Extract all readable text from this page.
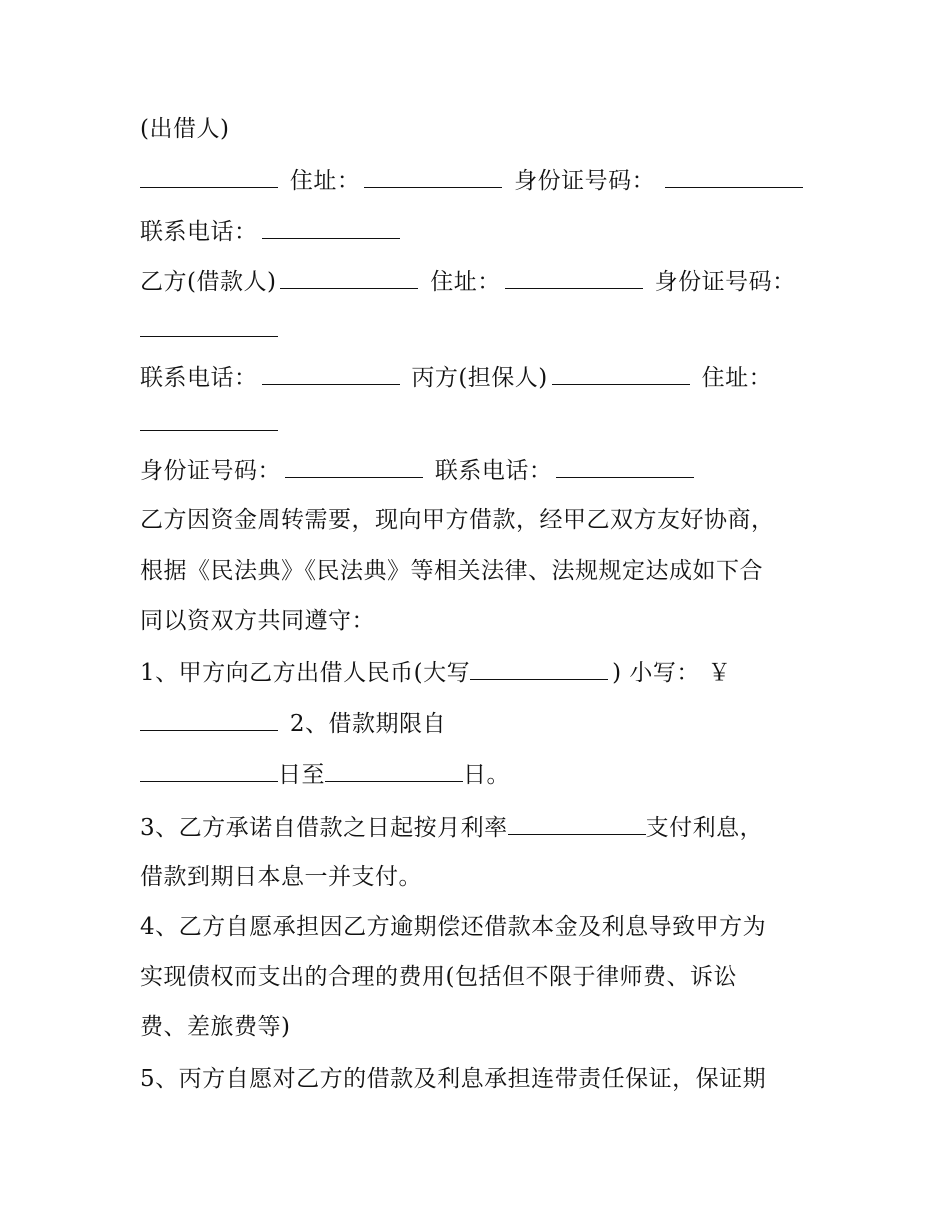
(出借人)
住址：	身份证号码：
联系电话：
乙方(借款人)	住址：	身份证号码：
联系电话：	丙方(担保人)	住址：
身份证号码：	联系电话：
乙方因资金周转需要，现向甲方借款，经甲乙双方友好协商，
根据《民法典》《民法典》等相关法律、法规规定达成如下合
同以资双方共同遵守：
1、甲方向乙方出借人民币(大写	) 小写： ￥
2、借款期限自
日至	日。
3、乙方承诺自借款之日起按月利率	支付利息，
借款到期日本息一并支付。
4、乙方自愿承担因乙方逾期偿还借款本金及利息导致甲方为
实现债权而支出的合理的费用(包括但不限于律师费、诉讼
费、差旅费等)
5、丙方自愿对乙方的借款及利息承担连带责任保证，保证期
